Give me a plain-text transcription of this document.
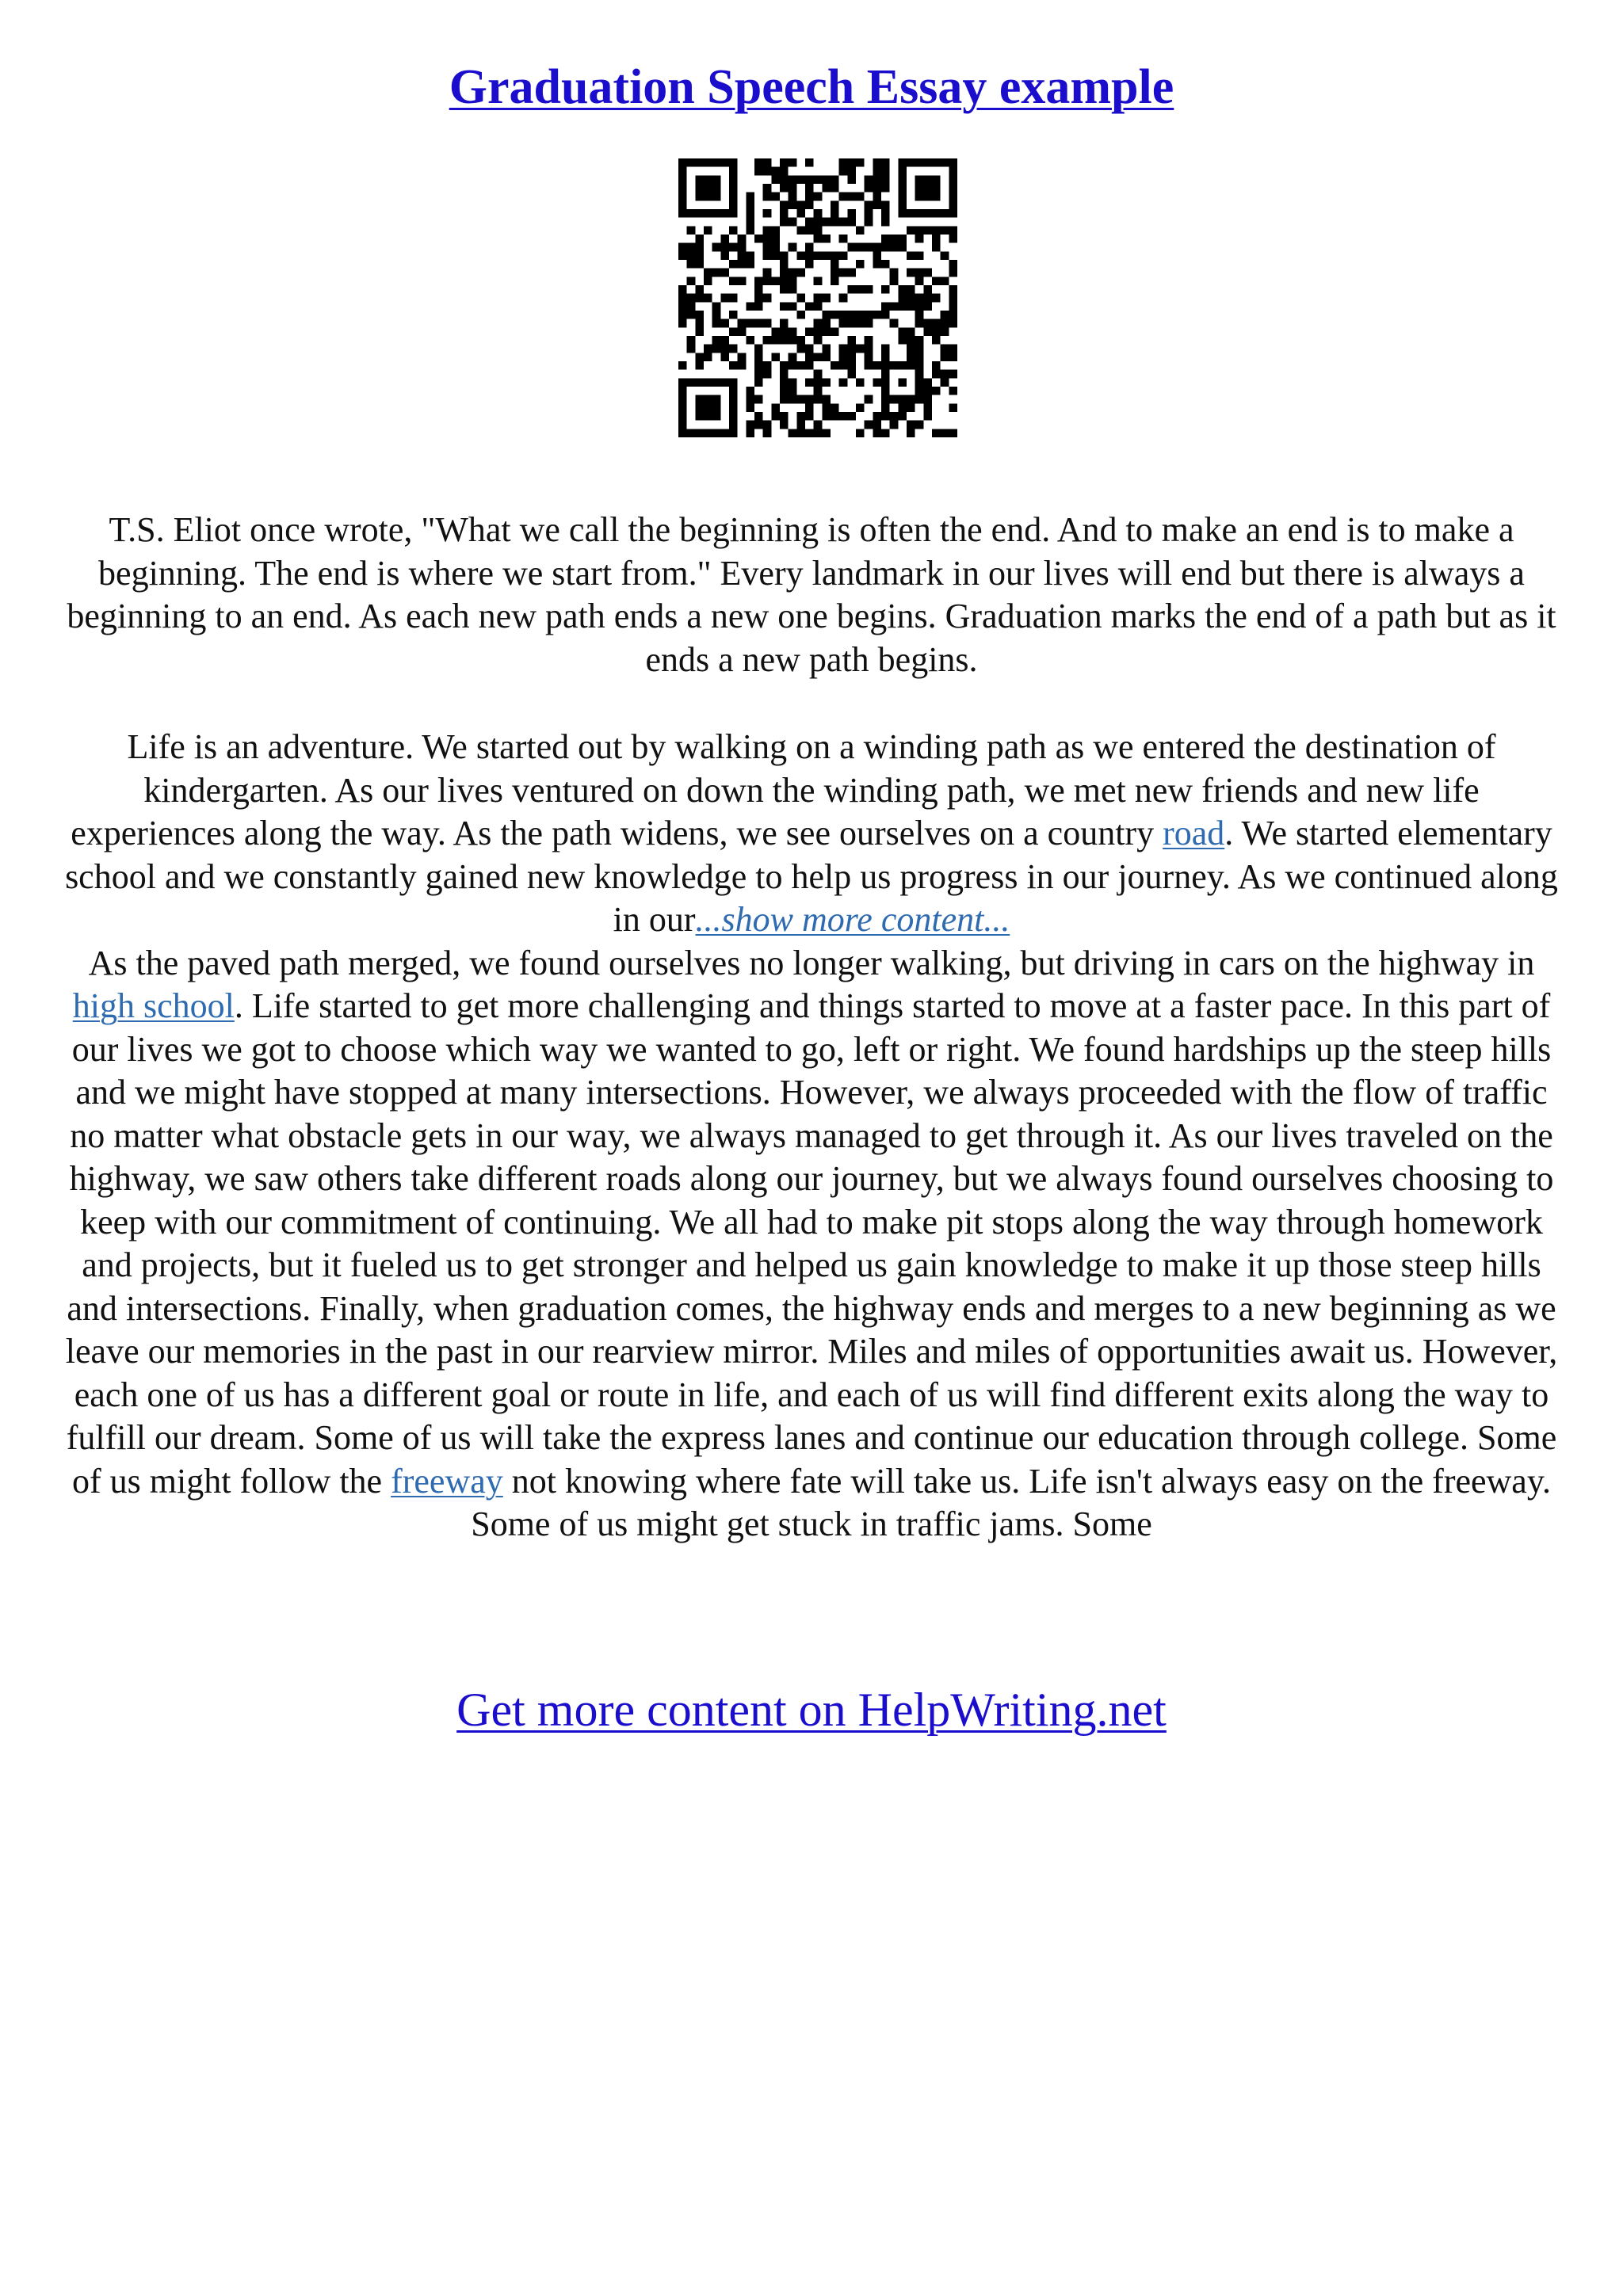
Graduation Speech Essay example

T.S. Eliot once wrote, "What we call the beginning is often the end. And to make an end is to make a beginning. The end is where we start from." Every landmark in our lives will end but there is always a beginning to an end. As each new path ends a new one begins. Graduation marks the end of a path but as it ends a new path begins.

Life is an adventure. We started out by walking on a winding path as we entered the destination of kindergarten. As our lives ventured on down the winding path, we met new friends and new life experiences along the way. As the path widens, we see ourselves on a country road. We started elementary school and we constantly gained new knowledge to help us progress in our journey. As we continued along in our...show more content...
As the paved path merged, we found ourselves no longer walking, but driving in cars on the highway in high school. Life started to get more challenging and things started to move at a faster pace. In this part of our lives we got to choose which way we wanted to go, left or right. We found hardships up the steep hills and we might have stopped at many intersections. However, we always proceeded with the flow of traffic no matter what obstacle gets in our way, we always managed to get through it. As our lives traveled on the highway, we saw others take different roads along our journey, but we always found ourselves choosing to keep with our commitment of continuing. We all had to make pit stops along the way through homework and projects, but it fueled us to get stronger and helped us gain knowledge to make it up those steep hills and intersections. Finally, when graduation comes, the highway ends and merges to a new beginning as we leave our memories in the past in our rearview mirror. Miles and miles of opportunities await us. However, each one of us has a different goal or route in life, and each of us will find different exits along the way to fulfill our dream. Some of us will take the express lanes and continue our education through college. Some of us might follow the freeway not knowing where fate will take us. Life isn't always easy on the freeway. Some of us might get stuck in traffic jams. Some

Get more content on HelpWriting.net
